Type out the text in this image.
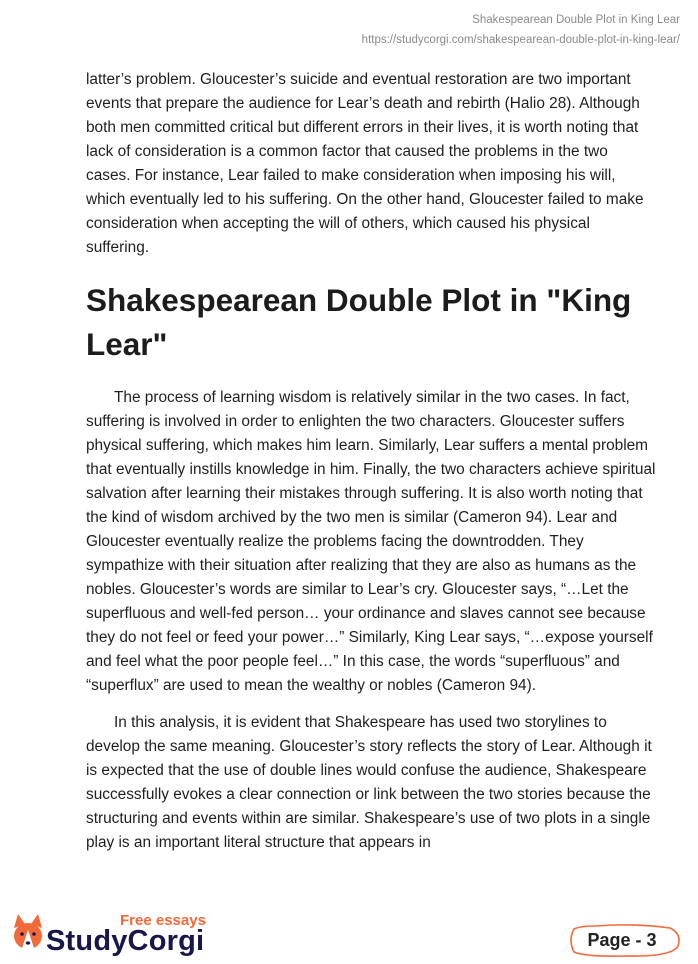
Shakespearean Double Plot in King Lear
https://studycorgi.com/shakespearean-double-plot-in-king-lear/

latter’s problem. Gloucester’s suicide and eventual restoration are two important events that prepare the audience for Lear’s death and rebirth (Halio 28). Although both men committed critical but different errors in their lives, it is worth noting that lack of consideration is a common factor that caused the problems in the two cases. For instance, Lear failed to make consideration when imposing his will, which eventually led to his suffering. On the other hand, Gloucester failed to make consideration when accepting the will of others, which caused his physical suffering.

Shakespearean Double Plot in "King Lear"

The process of learning wisdom is relatively similar in the two cases. In fact, suffering is involved in order to enlighten the two characters. Gloucester suffers physical suffering, which makes him learn. Similarly, Lear suffers a mental problem that eventually instills knowledge in him. Finally, the two characters achieve spiritual salvation after learning their mistakes through suffering. It is also worth noting that the kind of wisdom archived by the two men is similar (Cameron 94). Lear and Gloucester eventually realize the problems facing the downtrodden. They sympathize with their situation after realizing that they are also as humans as the nobles. Gloucester’s words are similar to Lear’s cry. Gloucester says, “…Let the superfluous and well-fed person… your ordinance and slaves cannot see because they do not feel or feed your power…” Similarly, King Lear says, “…expose yourself and feel what the poor people feel…” In this case, the words “superfluous” and “superflux” are used to mean the wealthy or nobles (Cameron 94).

In this analysis, it is evident that Shakespeare has used two storylines to develop the same meaning. Gloucester’s story reflects the story of Lear. Although it is expected that the use of double lines would confuse the audience, Shakespeare successfully evokes a clear connection or link between the two stories because the structuring and events within are similar. Shakespeare’s use of two plots in a single play is an important literal structure that appears in

Free essays
StudyCorgi	Page - 3
